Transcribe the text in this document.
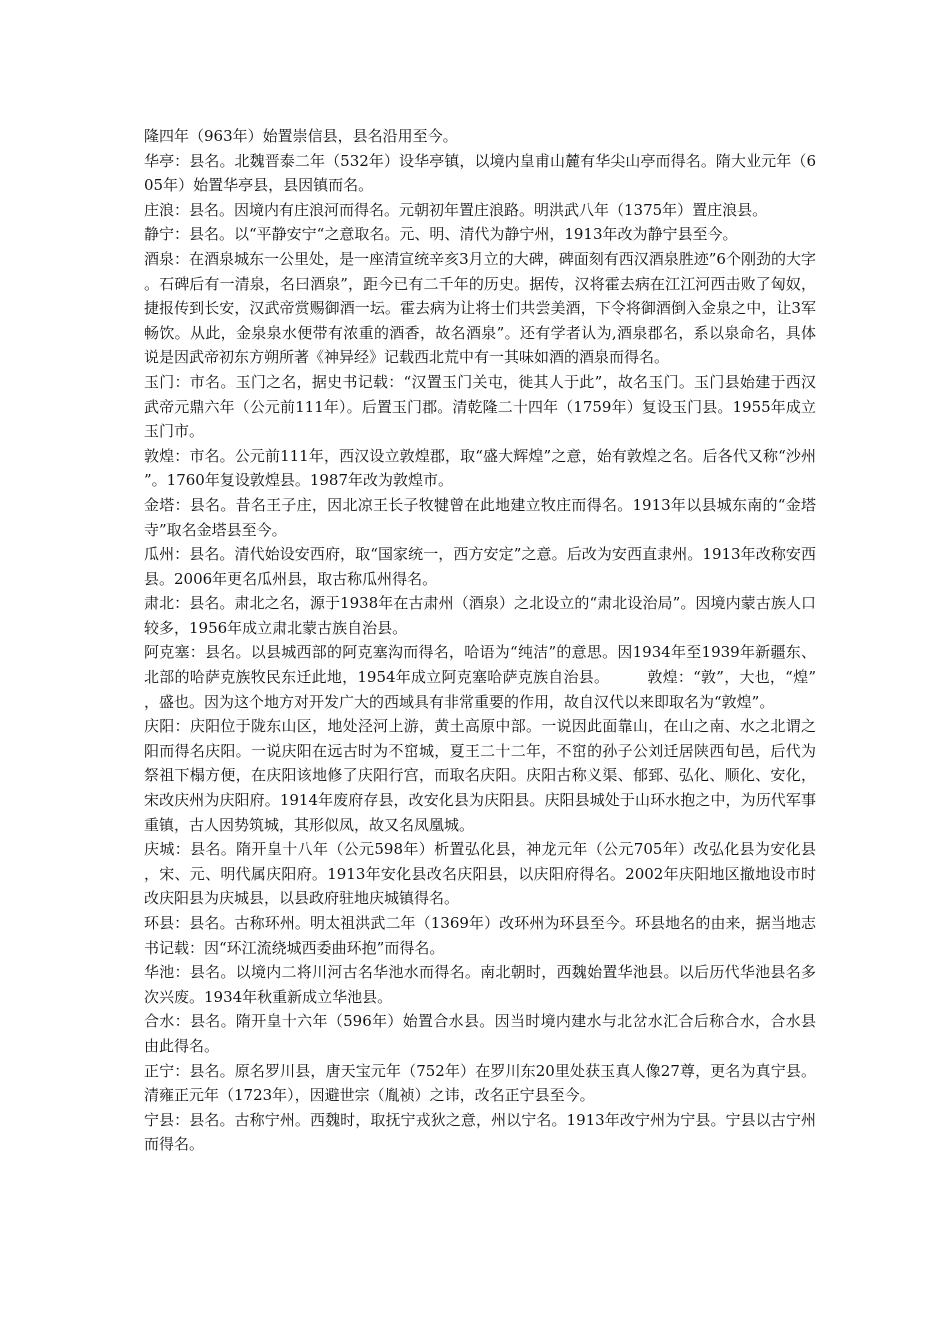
隆四年（963年）始置崇信县，县名沿用至今。

华亭：县名。北魏晋泰二年（532年）设华亭镇，以境内皇甫山麓有华尖山亭而得名。隋大业元年（605年）始置华亭县，县因镇而名。

庄浪：县名。因境内有庄浪河而得名。元朝初年置庄浪路。明洪武八年（1375年）置庄浪县。

静宁：县名。以“平静安宁“之意取名。元、明、清代为静宁州，1913年改为静宁县至今。

酒泉：在酒泉城东一公里处，是一座清宣统辛亥3月立的大碑，碑面刻有西汉酒泉胜迹”6个刚劲的大字。石碑后有一清泉，名曰酒泉”，距今已有二千年的历史。据传，汉将霍去病在江江河西击败了匈奴，捷报传到长安，汉武帝赏赐御酒一坛。霍去病为让将士们共尝美酒，下令将御酒倒入金泉之中，让3军畅饮。从此，金泉泉水便带有浓重的酒香，故名酒泉”。还有学者认为,酒泉郡名，系以泉命名，具体说是因武帝初东方朔所著《神异经》记载西北荒中有一其味如酒的酒泉而得名。

玉门：市名。玉门之名，据史书记载：“汉置玉门关屯，徙其人于此”，故名玉门。玉门县始建于西汉武帝元鼎六年（公元前111年）。后置玉门郡。清乾隆二十四年（1759年）复设玉门县。1955年成立玉门市。

敦煌：市名。公元前111年，西汉设立敦煌郡，取“盛大辉煌”之意，始有敦煌之名。后各代又称“沙州”。1760年复设敦煌县。1987年改为敦煌市。

金塔：县名。昔名王子庄，因北凉王长子牧犍曾在此地建立牧庄而得名。1913年以县城东南的“金塔寺”取名金塔县至今。

瓜州：县名。清代始设安西府，取“国家统一，西方安定”之意。后改为安西直隶州。1913年改称安西县。2006年更名瓜州县，取古称瓜州得名。

肃北：县名。肃北之名，源于1938年在古肃州（酒泉）之北设立的“肃北设治局”。因境内蒙古族人口较多，1956年成立肃北蒙古族自治县。

阿克塞：县名。以县城西部的阿克塞沟而得名，哈语为“纯洁”的意思。因1934年至1939年新疆东、北部的哈萨克族牧民东迁此地，1954年成立阿克塞哈萨克族自治县。　　　敦煌：“敦”，大也，“煌”，盛也。因为这个地方对开发广大的西域具有非常重要的作用，故自汉代以来即取名为“敦煌”。

庆阳：庆阳位于陇东山区，地处泾河上游，黄土高原中部。一说因此面靠山，在山之南、水之北谓之阳而得名庆阳。一说庆阳在远古时为不窋城，夏王二十二年，不窋的孙子公刘迁居陕西旬邑，后代为祭祖下榻方便，在庆阳该地修了庆阳行宫，而取名庆阳。庆阳古称义渠、郁郅、弘化、顺化、安化，宋改庆州为庆阳府。1914年废府存县，改安化县为庆阳县。庆阳县城处于山环水抱之中，为历代军事重镇，古人因势筑城，其形似凤，故又名凤凰城。

庆城：县名。隋开皇十八年（公元598年）析置弘化县，神龙元年（公元705年）改弘化县为安化县，宋、元、明代属庆阳府。1913年安化县改名庆阳县，以庆阳府得名。2002年庆阳地区撤地设市时改庆阳县为庆城县，以县政府驻地庆城镇得名。

环县：县名。古称环州。明太祖洪武二年（1369年）改环州为环县至今。环县地名的由来，据当地志书记载：因“环江流绕城西委曲环抱”而得名。

华池：县名。以境内二将川河古名华池水而得名。南北朝时，西魏始置华池县。以后历代华池县名多次兴废。1934年秋重新成立华池县。

合水：县名。隋开皇十六年（596年）始置合水县。因当时境内建水与北岔水汇合后称合水，合水县由此得名。

正宁：县名。原名罗川县，唐天宝元年（752年）在罗川东20里处获玉真人像27尊，更名为真宁县。清雍正元年（1723年），因避世宗（胤祯）之讳，改名正宁县至今。

宁县：县名。古称宁州。西魏时，取抚宁戎狄之意，州以宁名。1913年改宁州为宁县。宁县以古宁州而得名。
